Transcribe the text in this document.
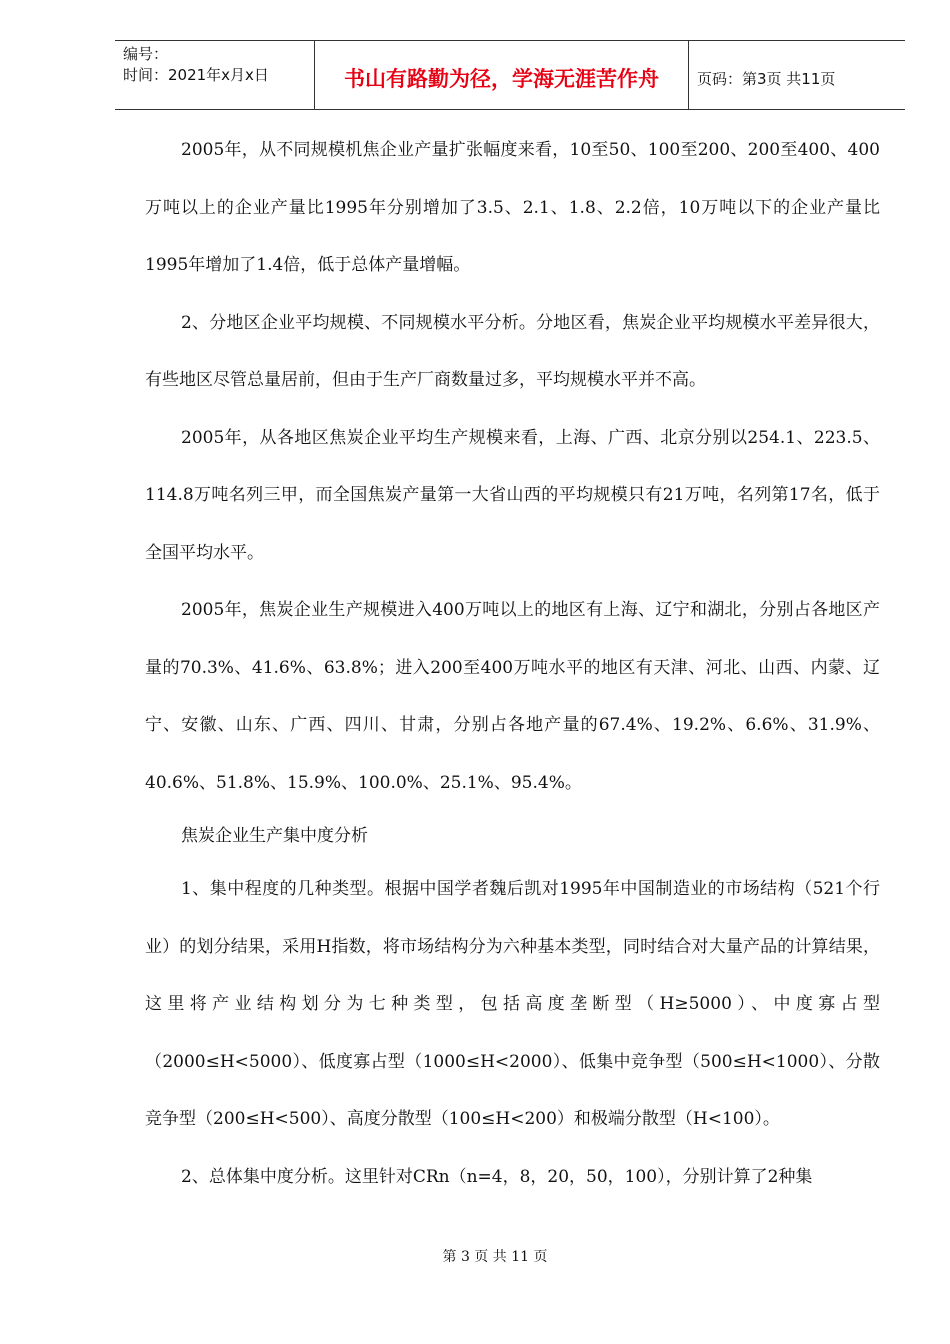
编号：
时间：2021年x月x日	书山有路勤为径，学海无涯苦作舟	页码：第3页 共11页

2005年，从不同规模机焦企业产量扩张幅度来看，10至50、100至200、200至400、400万吨以上的企业产量比1995年分别增加了3.5、2.1、1.8、2.2倍，10万吨以下的企业产量比1995年增加了1.4倍，低于总体产量增幅。

2、分地区企业平均规模、不同规模水平分析。分地区看，焦炭企业平均规模水平差异很大，有些地区尽管总量居前，但由于生产厂商数量过多，平均规模水平并不高。

2005年，从各地区焦炭企业平均生产规模来看，上海、广西、北京分别以254.1、223.5、114.8万吨名列三甲，而全国焦炭产量第一大省山西的平均规模只有21万吨，名列第17名，低于全国平均水平。

2005年，焦炭企业生产规模进入400万吨以上的地区有上海、辽宁和湖北，分别占各地区产量的70.3%、41.6%、63.8%；进入200至400万吨水平的地区有天津、河北、山西、内蒙、辽宁、安徽、山东、广西、四川、甘肃，分别占各地产量的67.4%、19.2%、6.6%、31.9%、40.6%、51.8%、15.9%、100.0%、25.1%、95.4%。

焦炭企业生产集中度分析

1、集中程度的几种类型。根据中国学者魏后凯对1995年中国制造业的市场结构（521个行业）的划分结果，采用H指数，将市场结构分为六种基本类型，同时结合对大量产品的计算结果，这里将产业结构划分为七种类型，包括高度垄断型（H≥5000）、中度寡占型（2000≤H<5000）、低度寡占型（1000≤H<2000）、低集中竞争型（500≤H<1000）、分散竞争型（200≤H<500）、高度分散型（100≤H<200）和极端分散型（H<100）。

2、总体集中度分析。这里针对CRn（n=4，8，20，50，100），分别计算了2种集

第 3 页 共 11 页
